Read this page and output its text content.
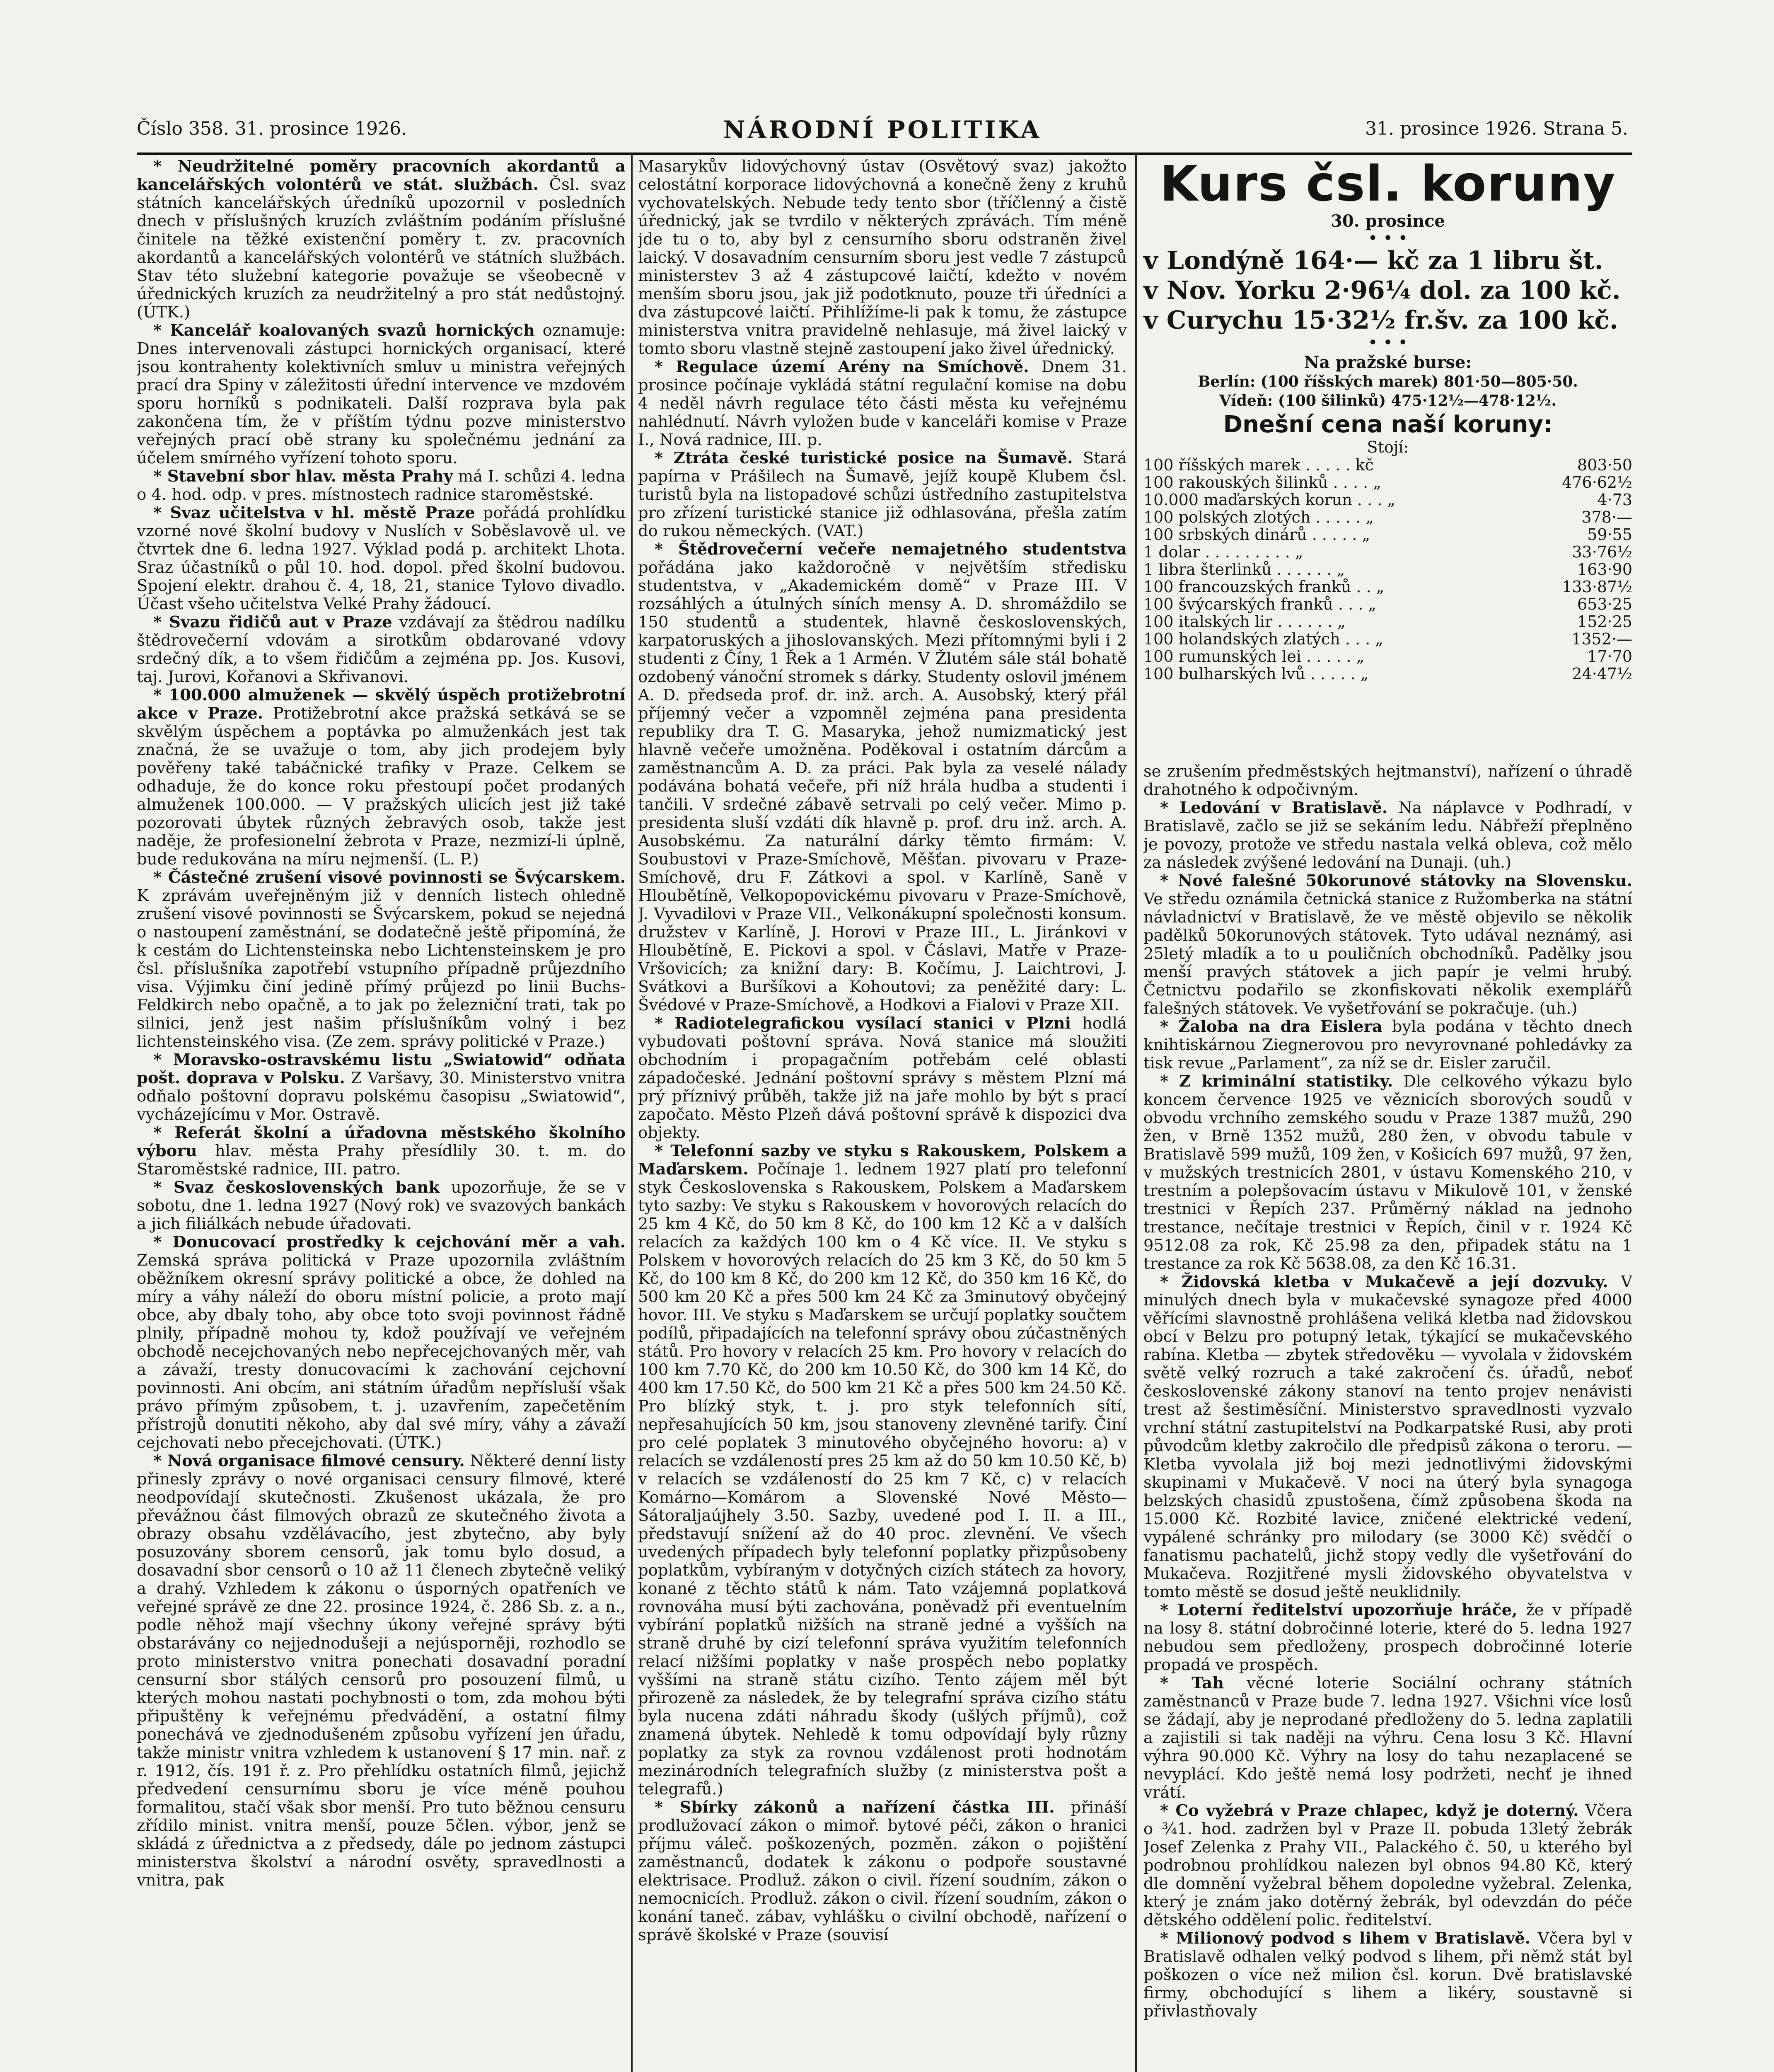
Číslo 358. 31. prosince 1926.	NÁRODNÍ POLITIKA	31. prosince 1926. Strana 5.

* Neudržitelné poměry pracovních akordantů a kancelářských volontérů ve stát. službách. Čsl. svaz státních kancelářských úředníků upozornil v posledních dnech v příslušných kruzích zvláštním podáním příslušné činitele na těžké existenční poměry t. zv. pracovních akordantů a kancelářských volontérů ve státních službách. Stav této služební kategorie považuje se všeobecně v úřednických kruzích za neudržitelný a pro stát nedůstojný. (ÚTK.)

* Kancelář koalovaných svazů hornických oznamuje: Dnes intervenovali zástupci hornických organisací, které jsou kontrahenty kolektivních smluv u ministra veřejných prací dra Spiny v záležitosti úřední intervence ve mzdovém sporu horníků s podnikateli. Další rozprava byla pak zakončena tím, že v příštím týdnu pozve ministerstvo veřejných prací obě strany ku společnému jednání za účelem smírného vyřízení tohoto sporu.

* Stavební sbor hlav. města Prahy má I. schůzi 4. ledna o 4. hod. odp. v pres. místnostech radnice staroměstské.

* Svaz učitelstva v hl. městě Praze pořádá prohlídku vzorné nové školní budovy v Nuslích v Soběslavově ul. ve čtvrtek dne 6. ledna 1927. Výklad podá p. architekt Lhota. Sraz účastníků o půl 10. hod. dopol. před školní budovou. Spojení elektr. drahou č. 4, 18, 21, stanice Tylovo divadlo. Účast všeho učitelstva Velké Prahy žádoucí.

* Svazu řidičů aut v Praze vzdávají za štědrou nadílku štědrovečerní vdovám a sirotkům obdarované vdovy srdečný dík, a to všem řidičům a zejména pp. Jos. Kusovi, taj. Jurovi, Kořanovi a Skřivanovi.

* 100.000 almuženek — skvělý úspěch protižebrotní akce v Praze. Protižebrotní akce pražská setkává se se skvělým úspěchem a poptávka po almuženkách jest tak značná, že se uvažuje o tom, aby jich prodejem byly pověřeny také tabáčnické trafiky v Praze. Celkem se odhaduje, že do konce roku přestoupí počet prodaných almuženek 100.000. — V pražských ulicích jest již také pozorovati úbytek různých žebravých osob, takže jest naděje, že profesionelní žebrota v Praze, nezmizí-li úplně, bude redukována na míru nejmenší. (L. P.)

* Částečné zrušení visové povinnosti se Švýcarskem. K zprávám uveřejněným již v denních listech ohledně zrušení visové povinnosti se Švýcarskem, pokud se nejedná o nastoupení zaměstnání, se dodatečně ještě připomíná, že k cestám do Lichtensteinska nebo Lichtensteinskem je pro čsl. příslušníka zapotřebí vstupního případně průjezdního visa. Výjimku činí jedině přímý průjezd po linii Buchs-Feldkirch nebo opačně, a to jak po železniční trati, tak po silnici, jenž jest našim příslušníkům volný i bez lichtensteinského visa. (Ze zem. správy politické v Praze.)

* Moravsko-ostravskému listu „Swiatowid“ odňata pošt. doprava v Polsku. Z Varšavy, 30. Ministerstvo vnitra odňalo poštovní dopravu polskému časopisu „Swiatowid“, vycházejícímu v Mor. Ostravě.

* Referát školní a úřadovna městského školního výboru hlav. města Prahy přesídlily 30. t. m. do Staroměstské radnice, III. patro.

* Svaz československých bank upozorňuje, že se v sobotu, dne 1. ledna 1927 (Nový rok) ve svazových bankách a jich filiálkách nebude úřadovati.

* Donucovací prostředky k cejchování měr a vah. Zemská správa politická v Praze upozornila zvláštním oběžníkem okresní správy politické a obce, že dohled na míry a váhy náleží do oboru místní policie, a proto mají obce, aby dbaly toho, aby obce toto svoji povinnost řádně plnily, případně mohou ty, kdož používají ve veřejném obchodě necejchovaných nebo nepřecejchovaných měr, vah a závaží, tresty donucovacími k zachování cejchovní povinnosti. Ani obcím, ani státním úřadům nepřísluší však právo přímým způsobem, t. j. uzavřením, zapečetěním přístrojů donutiti někoho, aby dal své míry, váhy a závaží cejchovati nebo přecejchovati. (ÚTK.)

* Nová organisace filmové censury. Některé denní listy přinesly zprávy o nové organisaci censury filmové, které neodpovídají skutečnosti. Zkušenost ukázala, že pro převážnou část filmových obrazů ze skutečného života a obrazy obsahu vzdělávacího, jest zbytečno, aby byly posuzovány sborem censorů, jak tomu bylo dosud, a dosavadní sbor censorů o 10 až 11 členech zbytečně veliký a drahý. Vzhledem k zákonu o úsporných opatřeních ve veřejné správě ze dne 22. prosince 1924, č. 286 Sb. z. a n., podle něhož mají všechny úkony veřejné správy býti obstarávány co nejjednodušeji a nejúsporněji, rozhodlo se proto ministerstvo vnitra ponechati dosavadní poradní censurní sbor stálých censorů pro posouzení filmů, u kterých mohou nastati pochybnosti o tom, zda mohou býti připuštěny k veřejnému předvádění, a ostatní filmy ponechává ve zjednodušeném způsobu vyřízení jen úřadu, takže ministr vnitra vzhledem k ustanovení § 17 min. nař. z r. 1912, čís. 191 ř. z. Pro přehlídku ostatních filmů, jejichž předvedení censurnímu sboru je více méně pouhou formalitou, stačí však sbor menší. Pro tuto běžnou censuru zřídilo minist. vnitra menší, pouze 5člen. výbor, jenž se skládá z úřednictva a z předsedy, dále po jednom zástupci ministerstva školství a národní osvěty, spravedlnosti a vnitra, pak

Masarykův lidovýchovný ústav (Osvětový svaz) jakožto celostátní korporace lidovýchovná a konečně ženy z kruhů vychovatelských. Nebude tedy tento sbor (tříčlenný a čistě úřednický, jak se tvrdilo v některých zprávách. Tím méně jde tu o to, aby byl z censurního sboru odstraněn živel laický. V dosavadním censurním sboru jest vedle 7 zástupců ministerstev 3 až 4 zástupcové laičtí, kdežto v novém menším sboru jsou, jak již podotknuto, pouze tři úředníci a dva zástupcové laičtí. Přihlížíme-li pak k tomu, že zástupce ministerstva vnitra pravidelně nehlasuje, má živel laický v tomto sboru vlastně stejně zastoupení jako živel úřednický.

* Regulace území Arény na Smíchově. Dnem 31. prosince počínaje vykládá státní regulační komise na dobu 4 neděl návrh regulace této části města ku veřejnému nahlédnutí. Návrh vyložen bude v kanceláři komise v Praze I., Nová radnice, III. p.

* Ztráta české turistické posice na Šumavě. Stará papírna v Prášilech na Šumavě, jejíž koupě Klubem čsl. turistů byla na listopadové schůzi ústředního zastupitelstva pro zřízení turistické stanice již odhlasována, přešla zatím do rukou německých. (VAT.)

* Štědrovečerní večeře nemajetného studentstva pořádána jako každoročně v největším středisku studentstva, v „Akademickém domě“ v Praze III. V rozsáhlých a útulných síních mensy A. D. shromáždilo se 150 studentů a studentek, hlavně československých, karpatoruských a jihoslovanských. Mezi přítomnými byli i 2 studenti z Číny, 1 Řek a 1 Armén. V Žlutém sále stál bohatě ozdobený vánoční stromek s dárky. Studenty oslovil jménem A. D. předseda prof. dr. inž. arch. A. Ausobský, který přál příjemný večer a vzpomněl zejména pana presidenta republiky dra T. G. Masaryka, jehož numizmatický jest hlavně večeře umožněna. Poděkoval i ostatním dárcům a zaměstnancům A. D. za práci. Pak byla za veselé nálady podávána bohatá večeře, při níž hrála hudba a studenti i tančili. V srdečné zábavě setrvali po celý večer. Mimo p. presidenta sluší vzdáti dík hlavně p. prof. dru inž. arch. A. Ausobskému. Za naturální dárky těmto firmám: V. Soubustovi v Praze-Smíchově, Měšťan. pivovaru v Praze-Smíchově, dru F. Zátkovi a spol. v Karlíně, Saně v Hloubětíně, Velkopopovickému pivovaru v Praze-Smíchově, J. Vyvadilovi v Praze VII., Velkonákupní společnosti konsum. družstev v Karlíně, J. Horovi v Praze III., L. Jiránkovi v Hloubětíně, E. Pickovi a spol. v Čáslavi, Matře v Praze-Vršovicích; za knižní dary: B. Kočímu, J. Laichtrovi, J. Svátkovi a Buršíkovi a Kohoutovi; za peněžité dary: L. Švédové v Praze-Smíchově, a Hodkovi a Fialovi v Praze XII.

* Radiotelegrafickou vysílací stanici v Plzni hodlá vybudovati poštovní správa. Nová stanice má sloužiti obchodním i propagačním potřebám celé oblasti západočeské. Jednání poštovní správy s městem Plzní má prý příznivý průběh, takže již na jaře mohlo by být s prací započato. Město Plzeň dává poštovní správě k dispozici dva objekty.

* Telefonní sazby ve styku s Rakouskem, Polskem a Maďarskem. Počínaje 1. lednem 1927 platí pro telefonní styk Československa s Rakouskem, Polskem a Maďarskem tyto sazby: Ve styku s Rakouskem v hovorových relacích do 25 km 4 Kč, do 50 km 8 Kč, do 100 km 12 Kč a v dalších relacích za každých 100 km o 4 Kč více. II. Ve styku s Polskem v hovorových relacích do 25 km 3 Kč, do 50 km 5 Kč, do 100 km 8 Kč, do 200 km 12 Kč, do 350 km 16 Kč, do 500 km 20 Kč a přes 500 km 24 Kč za 3minutový obyčejný hovor. III. Ve styku s Maďarskem se určují poplatky součtem podílů, připadajících na telefonní správy obou zúčastněných států. Pro hovory v relacích 25 km. Pro hovory v relacích do 100 km 7.70 Kč, do 200 km 10.50 Kč, do 300 km 14 Kč, do 400 km 17.50 Kč, do 500 km 21 Kč a přes 500 km 24.50 Kč. Pro blízký styk, t. j. pro styk telefonních sítí, nepřesahujících 50 km, jsou stanoveny zlevněné tarify. Činí pro celé poplatek 3 minutového obyčejného hovoru: a) v relacích se vzdáleností pres 25 km až do 50 km 10.50 Kč, b) v relacích se vzdáleností do 25 km 7 Kč, c) v relacích Komárno—Komárom a Slovenské Nové Město—Sátoraljaújhely 3.50. Sazby, uvedené pod I. II. a III., představují snížení až do 40 proc. zlevnění. Ve všech uvedených případech byly telefonní poplatky přizpůsobeny poplatkům, vybíraným v dotyčných cizích státech za hovory, konané z těchto států k nám. Tato vzájemná poplatková rovnováha musí býti zachována, poněvadž při eventuelním vybírání poplatků nižších na straně jedné a vyšších na straně druhé by cizí telefonní správa využitím telefonních relací nižšími poplatky v naše prospěch nebo poplatky vyššími na straně státu cizího. Tento zájem měl být přirozeně za následek, že by telegrafní správa cizího státu byla nucena zdáti náhradu škody (ušlých příjmů), což znamená úbytek. Nehledě k tomu odpovídají byly různy poplatky za styk za rovnou vzdálenost proti hodnotám mezinárodních telegrafních služby (z ministerstva pošt a telegrafů.)

* Sbírky zákonů a nařízení částka III. přináší prodlužovací zákon o mimoř. bytové péči, zákon o hranici příjmu váleč. poškozených, pozměn. zákon o pojištění zaměstnanců, dodatek k zákonu o podpoře soustavné elektrisace. Prodluž. zákon o civil. řízení soudním, zákon o nemocnicích. Prodluž. zákon o civil. řízení soudním, zákon o konání taneč. zábav, vyhlášku o civilní obchodě, nařízení o správě školské v Praze (souvisí

Kurs čsl. koruny
30. prosince
• • •
v Londýně 164·— kč za 1 libru št.
v Nov. Yorku 2·96¼ dol. za 100 kč.
v Curychu 15·32½ fr.šv. za 100 kč.
• • •
Na pražské burse:
Berlín: (100 říšských marek) 801·50—805·50.
Vídeň: (100 šilinků) 475·12½—478·12½.
Dnešní cena naší koruny:
Stojí:
100 říšských marek . . . . . kč	803·50
100 rakouských šilinků . . . . „	476·62½
10.000 maďarských korun . . . „	4·73
100 polských zlotých . . . . . „	378·—
100 srbských dinárů . . . . . „	59·55
1 dolar . . . . . . . . . „	33·76½
1 libra šterlinků . . . . . . „	163·90
100 francouzských franků . . „	133·87½
100 švýcarských franků . . . „	653·25
100 italských lir . . . . . . „	152·25
100 holandských zlatých . . . „	1352·—
100 rumunských lei . . . . . „	17·70
100 bulharských lvů . . . . . „	24·47½

se zrušením předměstských hejtmanství), nařízení o úhradě drahotného k odpočivným.

* Ledování v Bratislavě. Na náplavce v Podhradí, v Bratislavě, začlo se již se sekáním ledu. Nábřeží přeplněno je povozy, protože ve středu nastala velká obleva, což mělo za následek zvýšené ledování na Dunaji. (uh.)

* Nové falešné 50korunové státovky na Slovensku. Ve středu oznámila četnická stanice z Ružomberka na státní návladnictví v Bratislavě, že ve městě objevilo se několik padělků 50korunových státovek. Tyto udával neznámý, asi 25letý mladík a to u pouličních obchodníků. Padělky jsou menší pravých státovek a jich papír je velmi hrubý. Četnictvu podařilo se zkonfiskovati několik exemplářů falešných státovek. Ve vyšetřování se pokračuje. (uh.)

* Žaloba na dra Eislera byla podána v těchto dnech knihtiskárnou Ziegnerovou pro nevyrovnané pohledávky za tisk revue „Parlament“, za níž se dr. Eisler zaručil.

* Z kriminální statistiky. Dle celkového výkazu bylo koncem července 1925 ve věznicích sborových soudů v obvodu vrchního zemského soudu v Praze 1387 mužů, 290 žen, v Brně 1352 mužů, 280 žen, v obvodu tabule v Bratislavě 599 mužů, 109 žen, v Košicích 697 mužů, 97 žen, v mužských trestnicích 2801, v ústavu Komenského 210, v trestním a polepšovacím ústavu v Mikulově 101, v ženské trestnici v Řepích 237. Průměrný náklad na jednoho trestance, nečítaje trestnici v Řepích, činil v r. 1924 Kč 9512.08 za rok, Kč 25.98 za den, připadek státu na 1 trestance za rok Kč 5638.08, za den Kč 16.31.

* Židovská kletba v Mukačevě a její dozvuky. V minulých dnech byla v mukačevské synagoze před 4000 věřícími slavnostně prohlášena veliká kletba nad židovskou obcí v Belzu pro potupný letak, týkající se mukačevského rabína. Kletba — zbytek středověku — vyvolala v židovském světě velký rozruch a také zakročení čs. úřadů, neboť československé zákony stanoví na tento projev nenávisti trest až šestiměsíční. Ministerstvo spravedlnosti vyzvalo vrchní státní zastupitelství na Podkarpatské Rusi, aby proti původcům kletby zakročilo dle předpisů zákona o teroru. — Kletba vyvolala již boj mezi jednotlivými židovskými skupinami v Mukačevě. V noci na úterý byla synagoga belzských chasidů zpustošena, čímž způsobena škoda na 15.000 Kč. Rozbité lavice, zničené elektrické vedení, vypálené schránky pro milodary (se 3000 Kč) svědčí o fanatismu pachatelů, jichž stopy vedly dle vyšetřování do Mukačeva. Rozjitřené mysli židovského obyvatelstva v tomto městě se dosud ještě neuklidnily.

* Loterní ředitelství upozorňuje hráče, že v případě na losy 8. státní dobročinné loterie, které do 5. ledna 1927 nebudou sem předloženy, prospech dobročinné loterie propadá ve prospěch.

* Tah věcné loterie Sociální ochrany státních zaměstnanců v Praze bude 7. ledna 1927. Všichni více losů se žádají, aby je neprodané předloženy do 5. ledna zaplatili a zajistili si tak naději na výhru. Cena losu 3 Kč. Hlavní výhra 90.000 Kč. Výhry na losy do tahu nezaplacené se nevyplácí. Kdo ještě nemá losy podržeti, nechť je ihned vrátí.

* Co vyžebrá v Praze chlapec, když je doterný. Včera o ¾1. hod. zadržen byl v Praze II. pobuda 13letý žebrák Josef Zelenka z Prahy VII., Palackého č. 50, u kterého byl podrobnou prohlídkou nalezen byl obnos 94.80 Kč, který dle domnění vyžebral během dopoledne vyžebral. Zelenka, který je znám jako dotěrný žebrák, byl odevzdán do péče dětského oddělení polic. ředitelství.

* Milionový podvod s lihem v Bratislavě. Včera byl v Bratislavě odhalen velký podvod s lihem, při němž stát byl poškozen o více než milion čsl. korun. Dvě bratislavské firmy, obchodující s lihem a likéry, soustavně si přivlastňovaly
